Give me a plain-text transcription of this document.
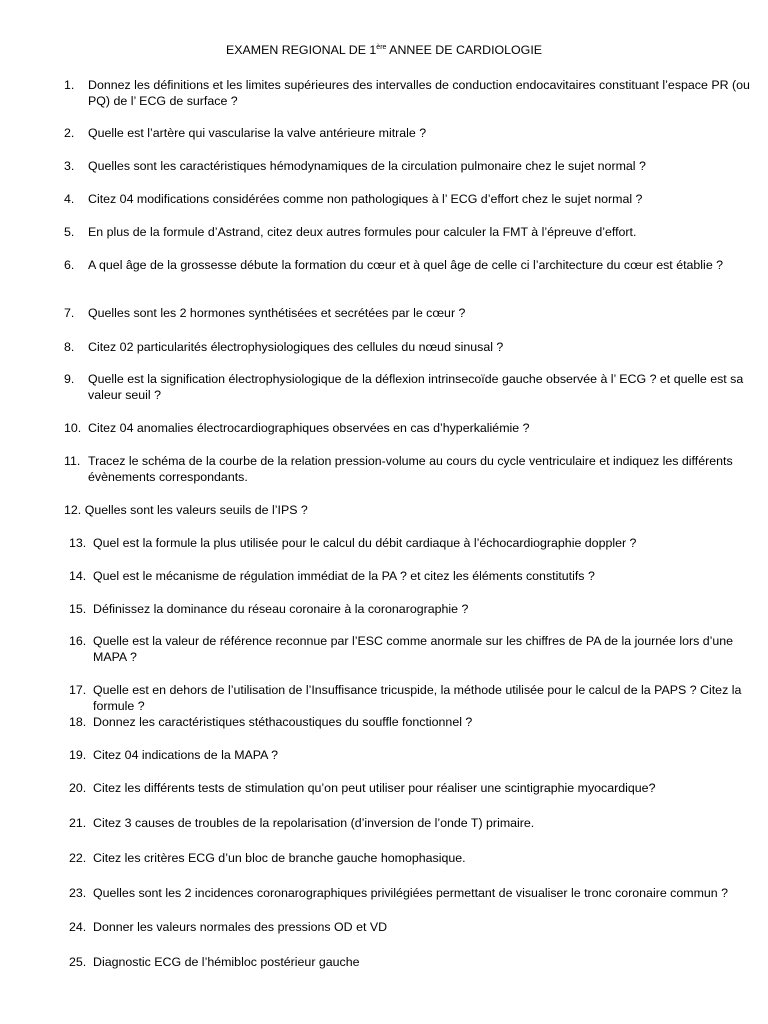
EXAMEN REGIONAL DE 1ère ANNEE DE CARDIOLOGIE
1. Donnez les définitions et les limites supérieures des intervalles de conduction endocavitaires constituant l’espace PR (ou PQ) de l’ ECG de surface ?
2. Quelle est l’artère qui vascularise la valve antérieure mitrale ?
3. Quelles sont les caractéristiques hémodynamiques de la circulation pulmonaire chez le sujet normal ?
4. Citez 04 modifications considérées comme non pathologiques à l’ ECG d’effort chez le sujet normal ?
5. En plus de la formule d’Astrand, citez deux autres formules pour calculer la FMT à l’épreuve d’effort.
6. A quel âge de la grossesse débute la formation du cœur et à quel âge de celle ci l’architecture du cœur est établie ?
7. Quelles sont les 2 hormones synthétisées et secrétées par le cœur ?
8. Citez 02 particularités électrophysiologiques des cellules du nœud sinusal ?
9. Quelle est la signification électrophysiologique de la déflexion intrinsecoïde gauche observée à l’ ECG ? et quelle est sa valeur seuil ?
10. Citez 04 anomalies électrocardiographiques observées en cas d’hyperkaliémie ?
11. Tracez le schéma de la courbe de la relation pression-volume au cours du cycle ventriculaire et indiquez les différents évènements correspondants.
12. Quelles sont les valeurs seuils de l’IPS ?
13. Quel est la formule la plus utilisée pour le calcul du débit cardiaque à l’échocardiographie doppler ?
14. Quel est le mécanisme de régulation immédiat de la PA ? et citez les éléments constitutifs ?
15. Définissez la dominance du réseau coronaire à la coronarographie ?
16. Quelle est la valeur de référence reconnue par l’ESC comme anormale sur les chiffres de PA de la journée lors d’une MAPA ?
17. Quelle est en dehors de l’utilisation de l’Insuffisance tricuspide, la méthode utilisée pour le calcul de la PAPS ? Citez la formule ?
18. Donnez les caractéristiques stéthacoustiques du souffle fonctionnel ?
19. Citez 04 indications de la MAPA ?
20. Citez les différents tests de stimulation qu’on peut utiliser pour réaliser une scintigraphie myocardique?
21. Citez 3 causes de troubles de la repolarisation (d’inversion de l’onde T) primaire.
22. Citez les critères ECG d’un bloc de branche gauche homophasique.
23. Quelles sont les 2 incidences coronarographiques privilégiées permettant de visualiser le tronc coronaire commun ?
24. Donner les valeurs normales des pressions OD et VD
25. Diagnostic ECG de l’hémibloc postérieur gauche
